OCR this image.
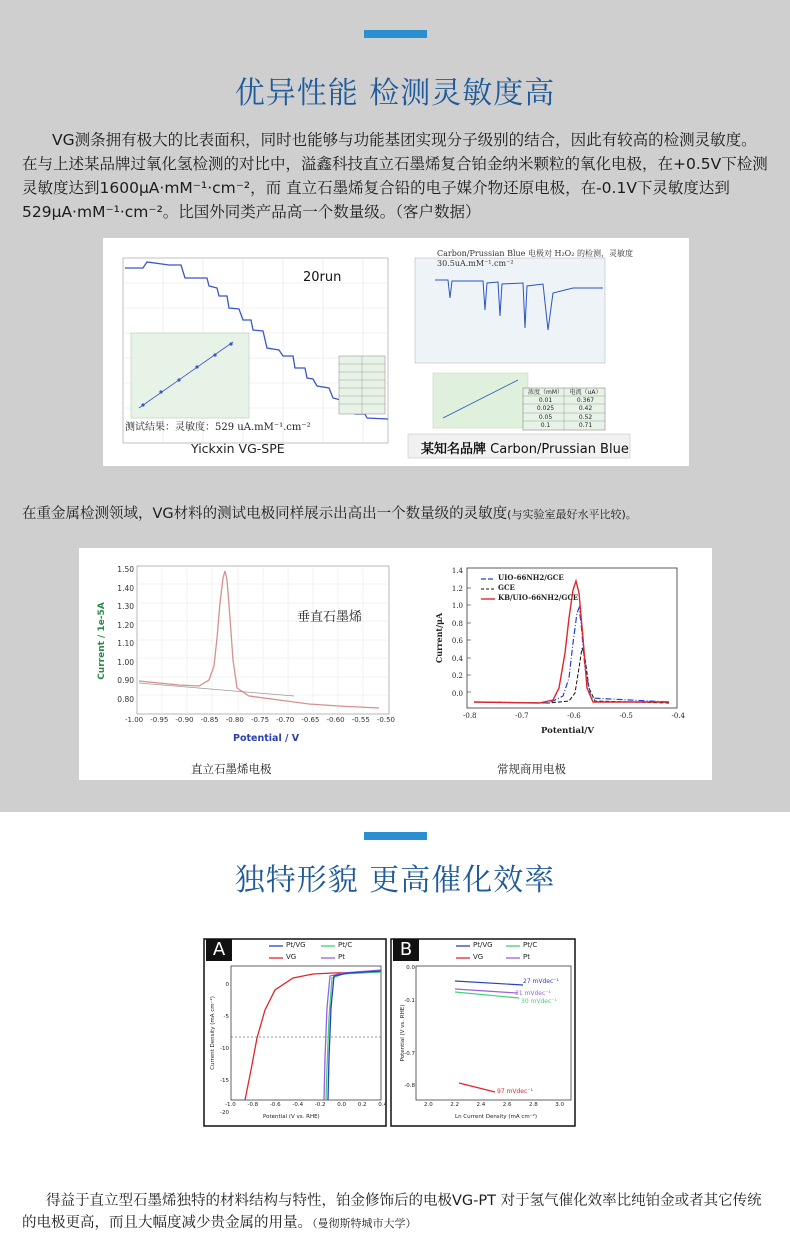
优异性能 检测灵敏度高
VG测条拥有极大的比表面积，同时也能够与功能基团实现分子级别的结合，因此有较高的检测灵敏度。在与上述某品牌过氧化氢检测的对比中，溢鑫科技直立石墨烯复合铂金纳米颗粒的氧化电极，在+0.5V下检测灵敏度达到1600μA·mM⁻¹·cm⁻²，而 直立石墨烯复合铅的电子媒介物还原电极，在-0.1V下灵敏度达到529μA·mM⁻¹·cm⁻²。比国外同类产品高一个数量级。（客户数据）
20run
测试结果：灵敏度：529 uA.mM⁻¹.cm⁻²
Yickxin VG-SPE
Carbon/Prussian Blue 电极对 H₂O₂ 的检测，灵敏度 30.5uA.mM⁻¹.cm⁻²
浓度（mM）	电流（uA）
0.01	0.367
0.025	0.42
0.05	0.52
0.1	0.71
某知名品牌 Carbon/Prussian Blue
在重金属检测领域，VG材料的测试电极同样展示出高出一个数量级的灵敏度(与实验室最好水平比较)。
1.50
1.40
1.30
1.20
1.10
1.00
0.90
0.80
-1.00 -0.95 -0.90 -0.85 -0.80 -0.75 -0.70 -0.65 -0.60 -0.55 -0.50
Current / 1e-5A
Potential / V
垂直石墨烯
直立石墨烯电极
1.4
1.2
1.0
0.8
0.6
0.4
0.2
0.0
-0.8	-0.7	-0.6	-0.5	-0.4
Current/μA
Potential/V
UIO-66NH2/GCE
GCE
KB/UIO-66NH2/GCE
常规商用电极
独特形貌 更高催化效率
A	B
Pt/VG	Pt/C
VG	Pt
Pt/VG	Pt/C
VG	Pt
0
-5
-10
-15
-20
-1.0 -0.8 -0.6 -0.4 -0.2 0.0 0.2 0.4
Potential (V vs. RHE)
Current Density (mA cm⁻²)
0.0
-0.1
-0.7
-0.8
2.0	2.2	2.4	2.6	2.8	3.0
Ln Current Density (mA cm⁻²)
Potential (V vs. RHE)
27 mVdec⁻¹
31 mVdec⁻¹
30 mVdec⁻¹
97 mVdec⁻¹
得益于直立型石墨烯独特的材料结构与特性，铂金修饰后的电极VG-PT 对于氢气催化效率比纯铂金或者其它传统的电极更高，而且大幅度减少贵金属的用量。（曼彻斯特城市大学）
